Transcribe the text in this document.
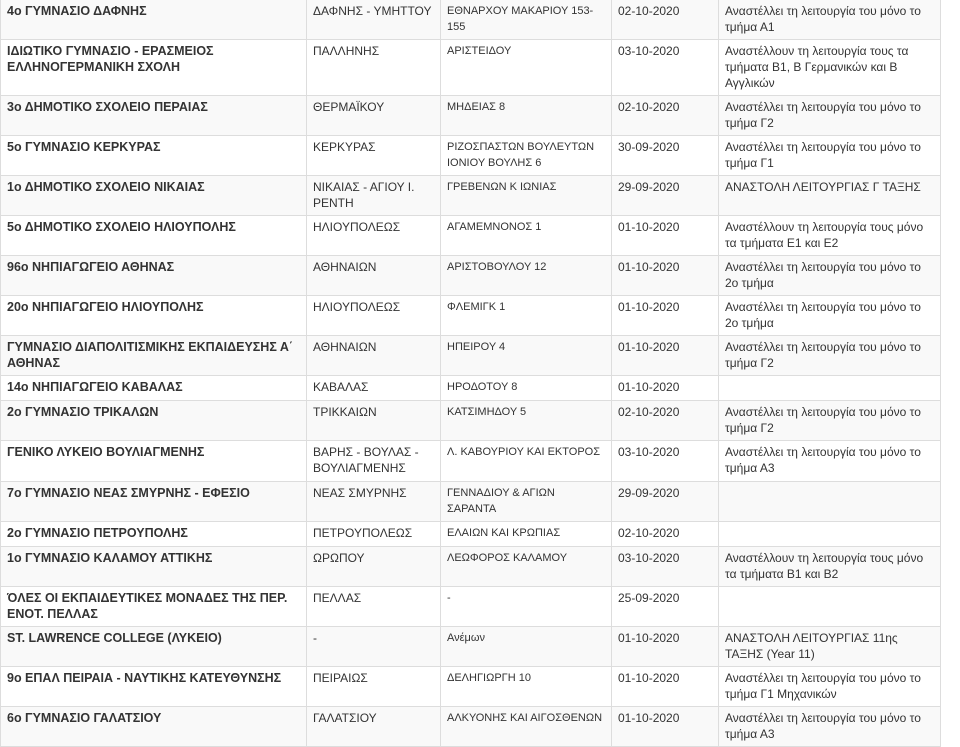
4ο ΓΥΜΝΑΣΙΟ ΔΑΦΝΗΣ	ΔΑΦΝΗΣ - ΥΜΗΤΤΟΥ	ΕΘΝΑΡΧΟΥ ΜΑΚΑΡΙΟΥ 153-155	02-10-2020	Αναστέλλει τη λειτουργία του μόνο το τμήμα Α1
ΙΔΙΩΤΙΚΟ ΓΥΜΝΑΣΙΟ - ΕΡΑΣΜΕΙΟΣ ΕΛΛΗΝΟΓΕΡΜΑΝΙΚΗ ΣΧΟΛΗ	ΠΑΛΛΗΝΗΣ	ΑΡΙΣΤΕΙΔΟΥ	03-10-2020	Αναστέλλουν τη λειτουργία τους τα τμήματα Β1, Β Γερμανικών και Β Αγγλικών
3ο ΔΗΜΟΤΙΚΟ ΣΧΟΛΕΙΟ ΠΕΡΑΙΑΣ	ΘΕΡΜΑΪΚΟΥ	ΜΗΔΕΙΑΣ 8	02-10-2020	Αναστέλλει τη λειτουργία του μόνο το τμήμα Γ2
5ο ΓΥΜΝΑΣΙΟ ΚΕΡΚΥΡΑΣ	ΚΕΡΚΥΡΑΣ	ΡΙΖΟΣΠΑΣΤΩΝ ΒΟΥΛΕΥΤΩΝ ΙΟΝΙΟΥ ΒΟΥΛΗΣ 6	30-09-2020	Αναστέλλει τη λειτουργία του μόνο το τμήμα Γ1
1ο ΔΗΜΟΤΙΚΟ ΣΧΟΛΕΙΟ ΝΙΚΑΙΑΣ	ΝΙΚΑΙΑΣ - ΑΓΙΟΥ Ι. ΡΕΝΤΗ	ΓΡΕΒΕΝΩΝ Κ ΙΩΝΙΑΣ	29-09-2020	ΑΝΑΣΤΟΛΗ ΛΕΙΤΟΥΡΓΙΑΣ Γ ΤΑΞΗΣ
5ο ΔΗΜΟΤΙΚΟ ΣΧΟΛΕΙΟ ΗΛΙΟΥΠΟΛΗΣ	ΗΛΙΟΥΠΟΛΕΩΣ	ΑΓΑΜΕΜΝΟΝΟΣ 1	01-10-2020	Αναστέλλουν τη λειτουργία τους μόνο τα τμήματα Ε1 και Ε2
96ο ΝΗΠΙΑΓΩΓΕΙΟ ΑΘΗΝΑΣ	ΑΘΗΝΑΙΩΝ	ΑΡΙΣΤΟΒΟΥΛΟΥ 12	01-10-2020	Αναστέλλει τη λειτουργία του μόνο το 2ο τμήμα
20ο ΝΗΠΙΑΓΩΓΕΙΟ ΗΛΙΟΥΠΟΛΗΣ	ΗΛΙΟΥΠΟΛΕΩΣ	ΦΛΕΜΙΓΚ 1	01-10-2020	Αναστέλλει τη λειτουργία του μόνο το 2ο τμήμα
ΓΥΜΝΑΣΙΟ ΔΙΑΠΟΛΙΤΙΣΜΙΚΗΣ ΕΚΠΑΙΔΕΥΣΗΣ Α΄ ΑΘΗΝΑΣ	ΑΘΗΝΑΙΩΝ	ΗΠΕΙΡΟΥ 4	01-10-2020	Αναστέλλει τη λειτουργία του μόνο το τμήμα Γ2
14ο ΝΗΠΙΑΓΩΓΕΙΟ ΚΑΒΑΛΑΣ	ΚΑΒΑΛΑΣ	ΗΡΟΔΟΤΟΥ 8	01-10-2020	
2ο ΓΥΜΝΑΣΙΟ ΤΡΙΚΑΛΩΝ	ΤΡΙΚΚΑΙΩΝ	ΚΑΤΣΙΜΗΔΟΥ 5	02-10-2020	Αναστέλλει τη λειτουργία του μόνο το τμήμα Γ2
ΓΕΝΙΚΟ ΛΥΚΕΙΟ ΒΟΥΛΙΑΓΜΕΝΗΣ	ΒΑΡΗΣ - ΒΟΥΛΑΣ - ΒΟΥΛΙΑΓΜΕΝΗΣ	Λ. ΚΑΒΟΥΡΙΟΥ ΚΑΙ ΕΚΤΟΡΟΣ	03-10-2020	Αναστέλλει τη λειτουργία του μόνο το τμήμα Α3
7ο ΓΥΜΝΑΣΙΟ ΝΕΑΣ ΣΜΥΡΝΗΣ - ΕΦΕΣΙΟ	ΝΕΑΣ ΣΜΥΡΝΗΣ	ΓΕΝΝΑΔΙΟΥ & ΑΓΙΩΝ ΣΑΡΑΝΤΑ	29-09-2020	
2ο ΓΥΜΝΑΣΙΟ ΠΕΤΡΟΥΠΟΛΗΣ	ΠΕΤΡΟΥΠΟΛΕΩΣ	ΕΛΑΙΩΝ ΚΑΙ ΚΡΩΠΙΑΣ	02-10-2020	
1ο ΓΥΜΝΑΣΙΟ ΚΑΛΑΜΟΥ ΑΤΤΙΚΗΣ	ΩΡΩΠΟΥ	ΛΕΩΦΟΡΟΣ ΚΑΛΑΜΟΥ	03-10-2020	Αναστέλλουν τη λειτουργία τους μόνο τα τμήματα Β1 και Β2
ΌΛΕΣ ΟΙ ΕΚΠΑΙΔΕΥΤΙΚΕΣ ΜΟΝΑΔΕΣ ΤΗΣ ΠΕΡ. ΕΝΟΤ. ΠΕΛΛΑΣ	ΠΕΛΛΑΣ	-	25-09-2020	
ST. LAWRENCE COLLEGE (ΛΥΚΕΙΟ)	-	Ανέμων	01-10-2020	ΑΝΑΣΤΟΛΗ ΛΕΙΤΟΥΡΓΙΑΣ 11ης ΤΑΞΗΣ (Year 11)
9ο ΕΠΑΛ ΠΕΙΡΑΙΑ - ΝΑΥΤΙΚΗΣ ΚΑΤΕΥΘΥΝΣΗΣ	ΠΕΙΡΑΙΩΣ	ΔΕΛΗΓΙΩΡΓΗ 10	01-10-2020	Αναστέλλει τη λειτουργία του μόνο το τμήμα Γ1 Μηχανικών
6ο ΓΥΜΝΑΣΙΟ ΓΑΛΑΤΣΙΟΥ	ΓΑΛΑΤΣΙΟΥ	ΑΛΚΥΟΝΗΣ ΚΑΙ ΑΙΓΟΣΘΕΝΩΝ	01-10-2020	Αναστέλλει τη λειτουργία του μόνο το τμήμα Α3
